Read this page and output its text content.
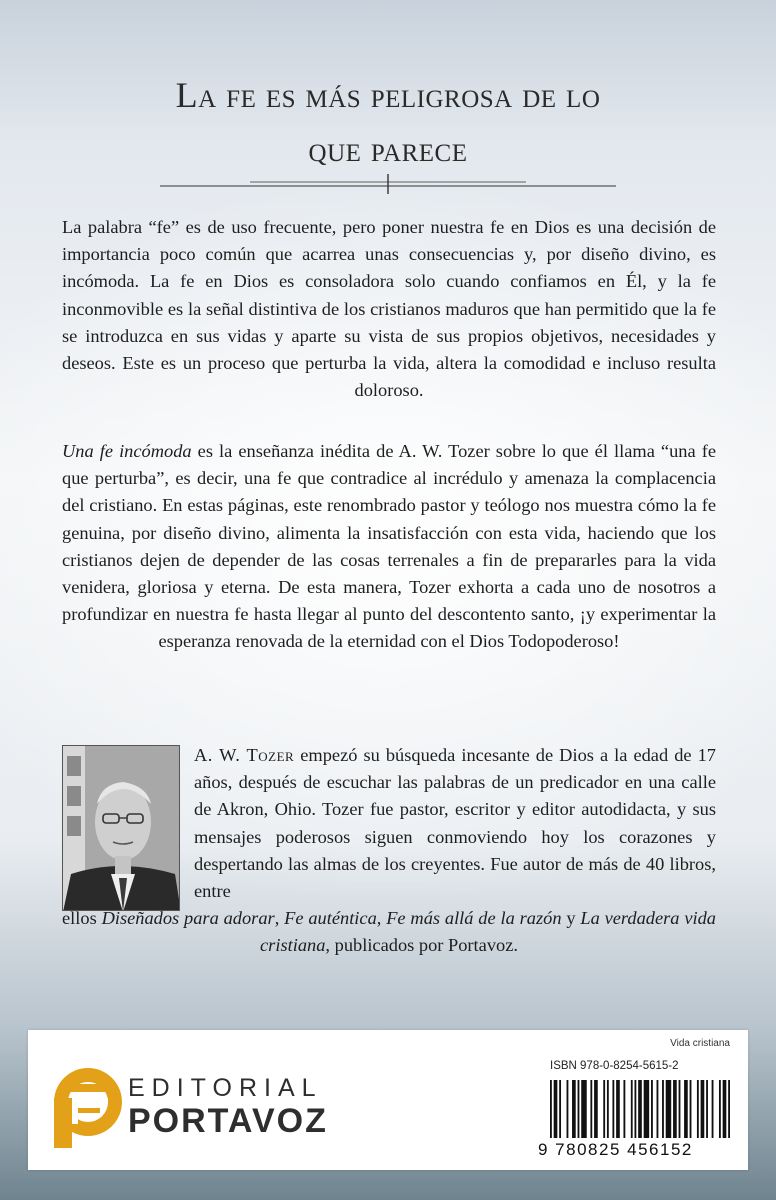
La fe es más peligrosa de lo
que parece

La palabra “fe” es de uso frecuente, pero poner nuestra fe en Dios es una decisión de importancia poco común que acarrea unas consecuencias y, por diseño divino, es incómoda. La fe en Dios es consoladora solo cuando confiamos en Él, y la fe inconmovible es la señal distintiva de los cristianos maduros que han permitido que la fe se introduzca en sus vidas y aparte su vista de sus propios objetivos, necesidades y deseos. Este es un proceso que perturba la vida, altera la comodidad e incluso resulta doloroso.

Una fe incómoda es la enseñanza inédita de A. W. Tozer sobre lo que él llama “una fe que perturba”, es decir, una fe que contradice al incrédulo y amenaza la complacencia del cristiano. En estas páginas, este renombrado pastor y teólogo nos muestra cómo la fe genuina, por diseño divino, alimenta la insatisfacción con esta vida, haciendo que los cristianos dejen de depender de las cosas terrenales a fin de prepararles para la vida venidera, gloriosa y eterna. De esta manera, Tozer exhorta a cada uno de nosotros a profundizar en nuestra fe hasta llegar al punto del descontento santo, ¡y experimentar la esperanza renovada de la eternidad con el Dios Todopoderoso!

A. W. Tozer empezó su búsqueda incesante de Dios a la edad de 17 años, después de escuchar las palabras de un predicador en una calle de Akron, Ohio. Tozer fue pastor, escritor y editor autodidacta, y sus mensajes poderosos siguen conmoviendo hoy los corazones y despertando las almas de los creyentes. Fue autor de más de 40 libros, entre

ellos Diseñados para adorar, Fe auténtica, Fe más allá de la razón y La verdadera vida cristiana, publicados por Portavoz.

Vida cristiana
EDITORIAL
PORTAVOZ
ISBN 978-0-8254-5615-2
9 780825 456152
